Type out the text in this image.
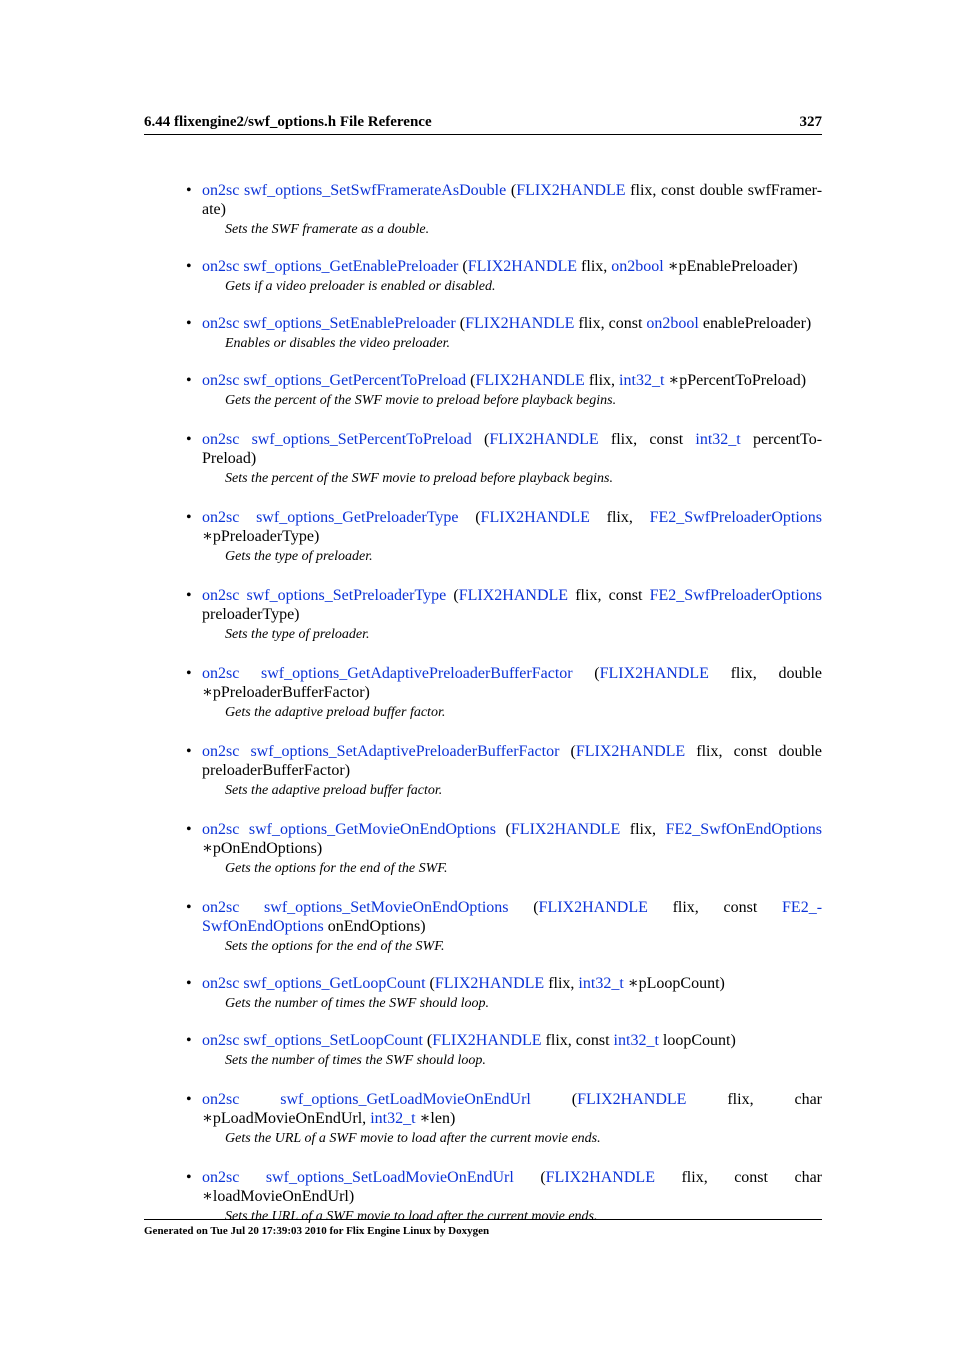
6.44 flixengine2/swf_options.h File Reference	327
• on2sc swf_options_SetSwfFramerateAsDouble (FLIX2HANDLE flix, const double swfFramer-ate)
Sets the SWF framerate as a double.
• on2sc swf_options_GetEnablePreloader (FLIX2HANDLE flix, on2bool ∗pEnablePreloader)
Gets if a video preloader is enabled or disabled.
• on2sc swf_options_SetEnablePreloader (FLIX2HANDLE flix, const on2bool enablePreloader)
Enables or disables the video preloader.
• on2sc swf_options_GetPercentToPreload (FLIX2HANDLE flix, int32_t ∗pPercentToPreload)
Gets the percent of the SWF movie to preload before playback begins.
• on2sc swf_options_SetPercentToPreload (FLIX2HANDLE flix, const int32_t percentTo-Preload)
Sets the percent of the SWF movie to preload before playback begins.
• on2sc swf_options_GetPreloaderType (FLIX2HANDLE flix, FE2_SwfPreloaderOptions ∗pPreloaderType)
Gets the type of preloader.
• on2sc swf_options_SetPreloaderType (FLIX2HANDLE flix, const FE2_SwfPreloaderOptions preloaderType)
Sets the type of preloader.
• on2sc swf_options_GetAdaptivePreloaderBufferFactor (FLIX2HANDLE flix, double ∗pPreloaderBufferFactor)
Gets the adaptive preload buffer factor.
• on2sc swf_options_SetAdaptivePreloaderBufferFactor (FLIX2HANDLE flix, const double preloaderBufferFactor)
Sets the adaptive preload buffer factor.
• on2sc swf_options_GetMovieOnEndOptions (FLIX2HANDLE flix, FE2_SwfOnEndOptions ∗pOnEndOptions)
Gets the options for the end of the SWF.
• on2sc swf_options_SetMovieOnEndOptions (FLIX2HANDLE flix, const FE2_-SwfOnEndOptions onEndOptions)
Sets the options for the end of the SWF.
• on2sc swf_options_GetLoopCount (FLIX2HANDLE flix, int32_t ∗pLoopCount)
Gets the number of times the SWF should loop.
• on2sc swf_options_SetLoopCount (FLIX2HANDLE flix, const int32_t loopCount)
Sets the number of times the SWF should loop.
• on2sc	swf_options_GetLoadMovieOnEndUrl (FLIX2HANDLE flix, char ∗pLoadMovieOnEndUrl, int32_t ∗len)
Gets the URL of a SWF movie to load after the current movie ends.
• on2sc swf_options_SetLoadMovieOnEndUrl (FLIX2HANDLE flix, const char ∗loadMovieOnEndUrl)
Sets the URL of a SWF movie to load after the current movie ends.
Generated on Tue Jul 20 17:39:03 2010 for Flix Engine Linux by Doxygen
